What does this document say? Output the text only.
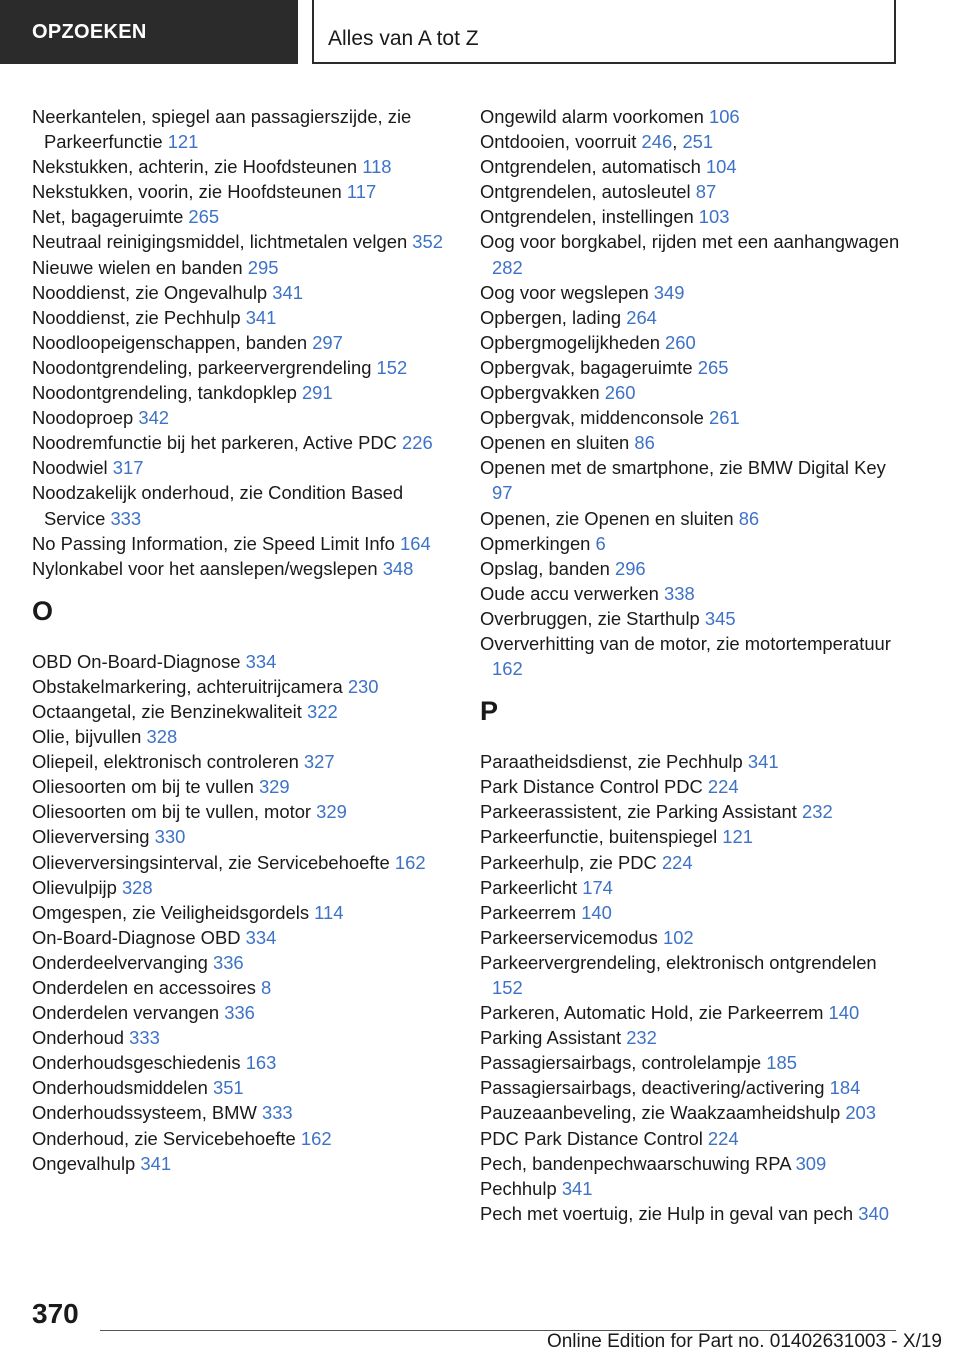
OPZOEKEN	Alles van A tot Z
Neerkantelen, spiegel aan passagierszijde, zie Parkeerfunctie 121
Nekstukken, achterin, zie Hoofdsteunen 118
Nekstukken, voorin, zie Hoofdsteunen 117
Net, bagageruimte 265
Neutraal reinigingsmiddel, lichtmetalen velgen 352
Nieuwe wielen en banden 295
Nooddienst, zie Ongevalhulp 341
Nooddienst, zie Pechhulp 341
Noodloopeigenschappen, banden 297
Noodontgrendeling, parkeervergrendeling 152
Noodontgrendeling, tankdopklep 291
Noodoproep 342
Noodremfunctie bij het parkeren, Active PDC 226
Noodwiel 317
Noodzakelijk onderhoud, zie Condition Based Service 333
No Passing Information, zie Speed Limit Info 164
Nylonkabel voor het aanslepen/wegslepen 348
O
OBD On-Board-Diagnose 334
Obstakelmarkering, achteruitrijcamera 230
Octaangetal, zie Benzinekwaliteit 322
Olie, bijvullen 328
Oliepeil, elektronisch controleren 327
Oliesoorten om bij te vullen 329
Oliesoorten om bij te vullen, motor 329
Olieverversing 330
Olieverversingsinterval, zie Servicebehoefte 162
Olievulpijp 328
Omgespen, zie Veiligheidsgordels 114
On-Board-Diagnose OBD 334
Onderdeelvervanging 336
Onderdelen en accessoires 8
Onderdelen vervangen 336
Onderhoud 333
Onderhoudsgeschiedenis 163
Onderhoudsmiddelen 351
Onderhoudssysteem, BMW 333
Onderhoud, zie Servicebehoefte 162
Ongevalhulp 341
Ongewild alarm voorkomen 106
Ontdooien, voorruit 246, 251
Ontgrendelen, automatisch 104
Ontgrendelen, autosleutel 87
Ontgrendelen, instellingen 103
Oog voor borgkabel, rijden met een aanhangwagen 282
Oog voor wegslepen 349
Opbergen, lading 264
Opbergmogelijkheden 260
Opbergvak, bagageruimte 265
Opbergvakken 260
Opbergvak, middenconsole 261
Openen en sluiten 86
Openen met de smartphone, zie BMW Digital Key 97
Openen, zie Openen en sluiten 86
Opmerkingen 6
Opslag, banden 296
Oude accu verwerken 338
Overbruggen, zie Starthulp 345
Oververhitting van de motor, zie motortemperatuur 162
P
Paraatheidsdienst, zie Pechhulp 341
Park Distance Control PDC 224
Parkeerassistent, zie Parking Assistant 232
Parkeerfunctie, buitenspiegel 121
Parkeerhulp, zie PDC 224
Parkeerlicht 174
Parkeerrem 140
Parkeerservicemodus 102
Parkeervergrendeling, elektronisch ontgrendelen 152
Parkeren, Automatic Hold, zie Parkeerrem 140
Parking Assistant 232
Passagiersairbags, controlelampje 185
Passagiersairbags, deactivering/activering 184
Pauzeaanbeveling, zie Waakzaamheidshulp 203
PDC Park Distance Control 224
Pech, bandenpechwaarschuwing RPA 309
Pechhulp 341
Pech met voertuig, zie Hulp in geval van pech 340
370
Online Edition for Part no. 01402631003 - X/19
